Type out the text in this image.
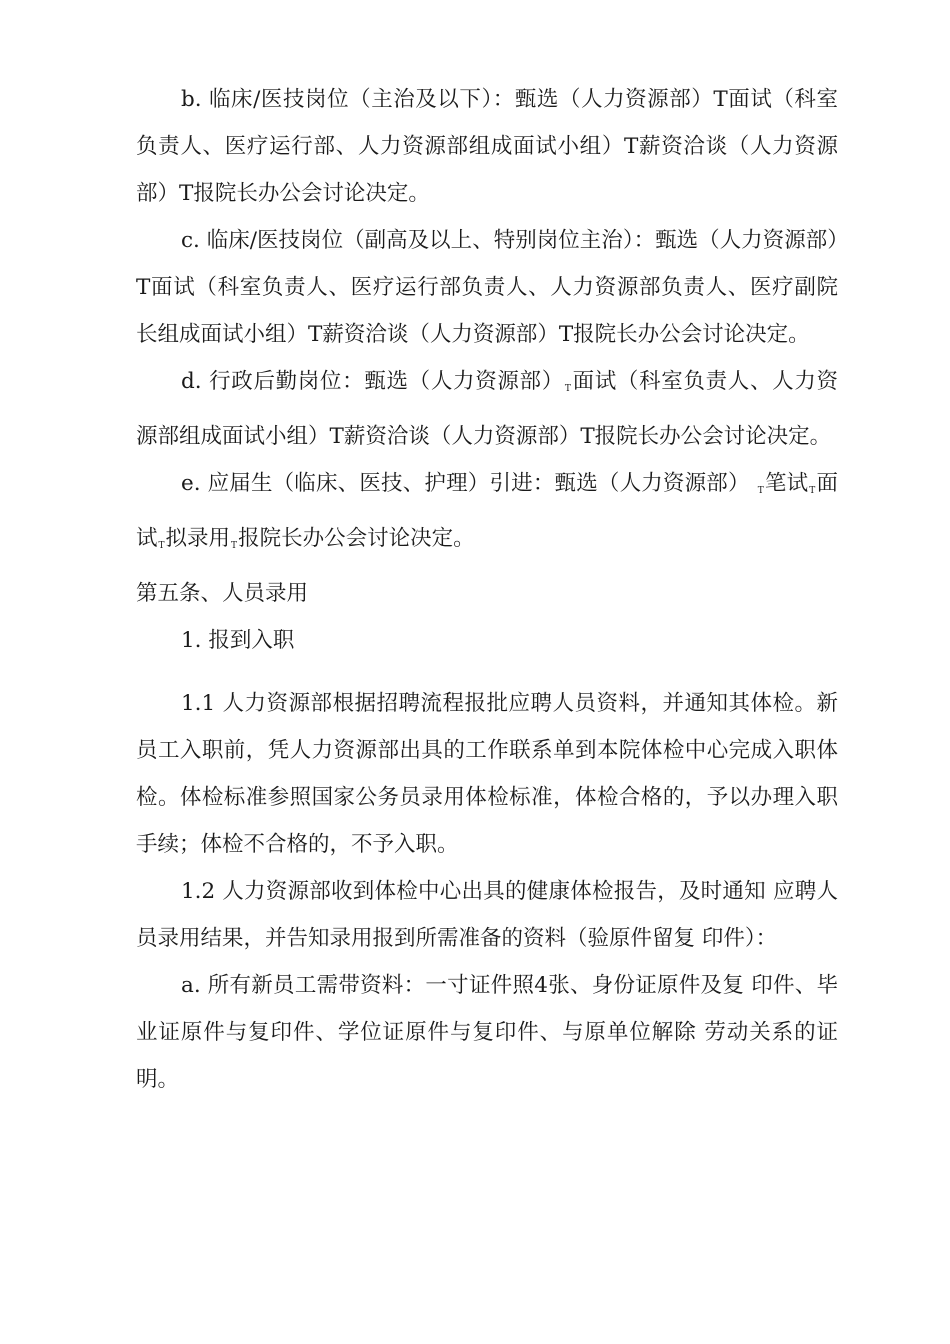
b. 临床/医技岗位（主治及以下）：甄选（人力资源部）T面试（科室负责人、医疗运行部、人力资源部组成面试小组）T薪资洽谈（人力资源部）T报院长办公会讨论决定。

c. 临床/医技岗位（副高及以上、特别岗位主治）：甄选（人力资源部）T面试（科室负责人、医疗运行部负责人、人力资源部负责人、医疗副院长组成面试小组）T薪资洽谈（人力资源部）T报院长办公会讨论决定。

d. 行政后勤岗位：甄选（人力资源部）T面试（科室负责人、人力资源部组成面试小组）T薪资洽谈（人力资源部）T报院长办公会讨论决定。

e. 应届生（临床、医技、护理）引进：甄选（人力资源部） T笔试T面试T拟录用T报院长办公会讨论决定。

第五条、人员录用

1. 报到入职

1.1 人力资源部根据招聘流程报批应聘人员资料，并通知其体检。新员工入职前，凭人力资源部出具的工作联系单到本院体检中心完成入职体检。体检标准参照国家公务员录用体检标准，体检合格的，予以办理入职手续；体检不合格的，不予入职。

1.2 人力资源部收到体检中心出具的健康体检报告，及时通知 应聘人员录用结果，并告知录用报到所需准备的资料（验原件留复 印件）：

a. 所有新员工需带资料：一寸证件照4张、身份证原件及复 印件、毕业证原件与复印件、学位证原件与复印件、与原单位解除 劳动关系的证明。
